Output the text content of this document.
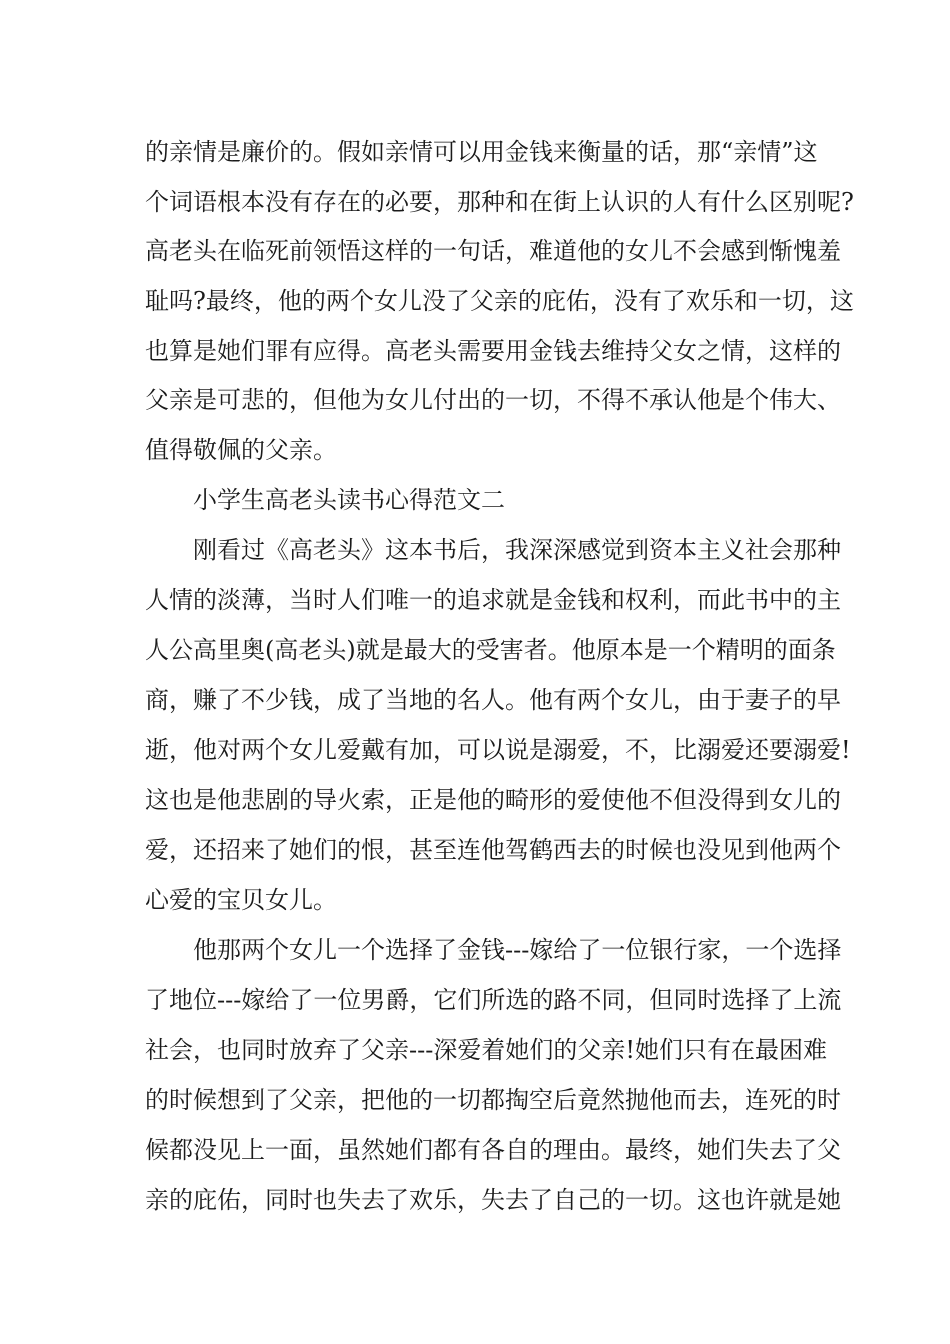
的亲情是廉价的。假如亲情可以用金钱来衡量的话，那“亲情”这
个词语根本没有存在的必要，那种和在街上认识的人有什么区别呢?
高老头在临死前领悟这样的一句话，难道他的女儿不会感到惭愧羞
耻吗?最终，他的两个女儿没了父亲的庇佑，没有了欢乐和一切，这
也算是她们罪有应得。高老头需要用金钱去维持父女之情，这样的
父亲是可悲的，但他为女儿付出的一切，不得不承认他是个伟大、
值得敬佩的父亲。
小学生高老头读书心得范文二
刚看过《高老头》这本书后，我深深感觉到资本主义社会那种
人情的淡薄，当时人们唯一的追求就是金钱和权利，而此书中的主
人公高里奥(高老头)就是最大的受害者。他原本是一个精明的面条
商，赚了不少钱，成了当地的名人。他有两个女儿，由于妻子的早
逝，他对两个女儿爱戴有加，可以说是溺爱，不，比溺爱还要溺爱!
这也是他悲剧的导火索，正是他的畸形的爱使他不但没得到女儿的
爱，还招来了她们的恨，甚至连他驾鹤西去的时候也没见到他两个
心爱的宝贝女儿。
他那两个女儿一个选择了金钱---嫁给了一位银行家，一个选择
了地位---嫁给了一位男爵，它们所选的路不同，但同时选择了上流
社会，也同时放弃了父亲---深爱着她们的父亲!她们只有在最困难
的时候想到了父亲，把他的一切都掏空后竟然抛他而去，连死的时
候都没见上一面，虽然她们都有各自的理由。最终，她们失去了父
亲的庇佑，同时也失去了欢乐，失去了自己的一切。这也许就是她
